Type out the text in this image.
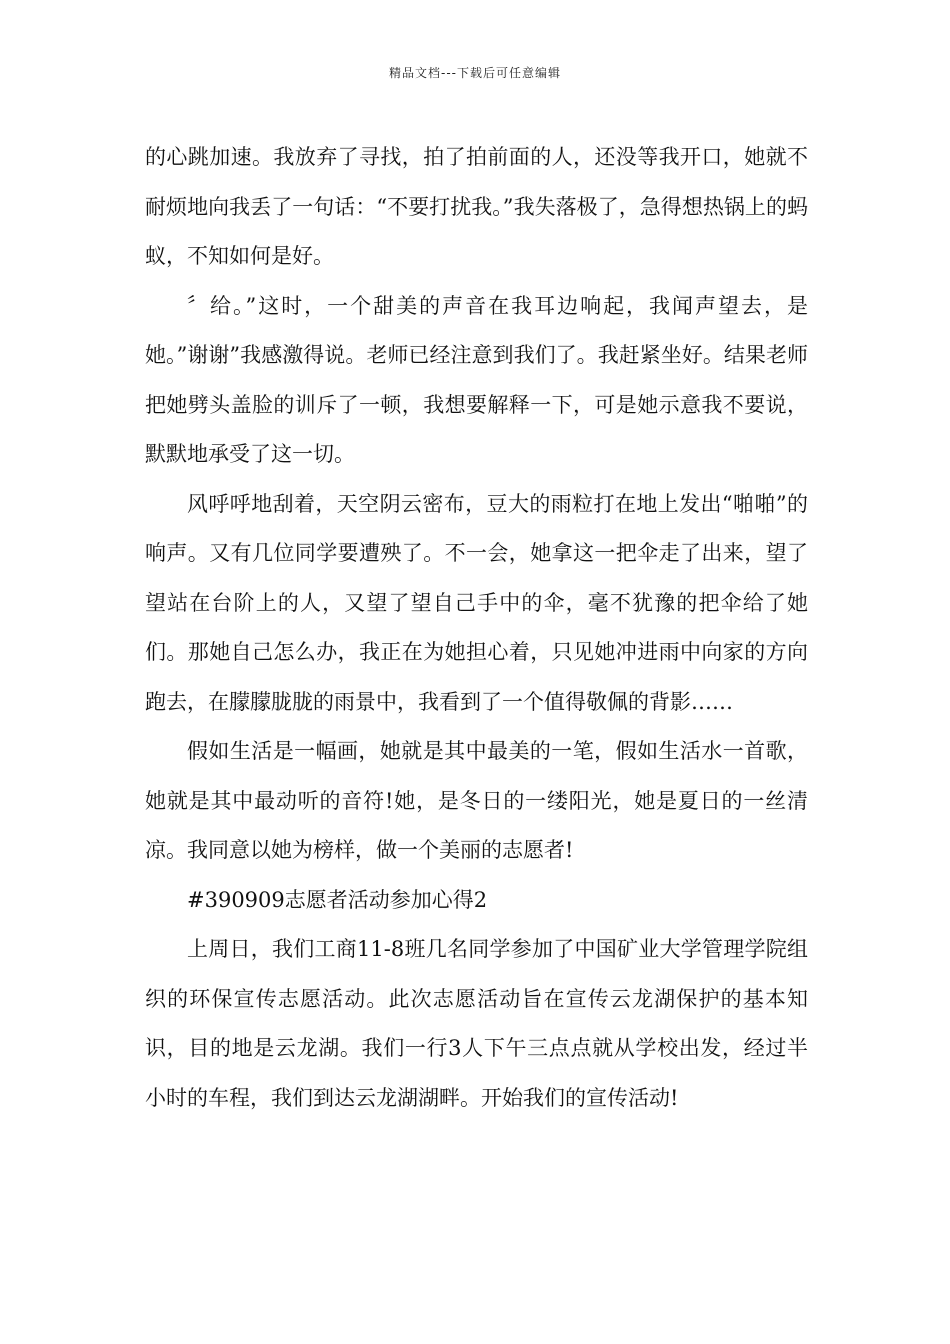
精品文档---下载后可任意编辑

的心跳加速。我放弃了寻找，拍了拍前面的人，还没等我开口，她就不耐烦地向我丢了一句话：“不要打扰我。”我失落极了，急得想热锅上的蚂蚁，不知如何是好。

〞给。”这时，一个甜美的声音在我耳边响起，我闻声望去，是她。”谢谢”我感激得说。老师已经注意到我们了。我赶紧坐好。结果老师把她劈头盖脸的训斥了一顿，我想要解释一下，可是她示意我不要说，默默地承受了这一切。

风呼呼地刮着，天空阴云密布，豆大的雨粒打在地上发出“啪啪”的响声。又有几位同学要遭殃了。不一会，她拿这一把伞走了出来，望了望站在台阶上的人，又望了望自己手中的伞，毫不犹豫的把伞给了她们。那她自己怎么办，我正在为她担心着，只见她冲进雨中向家的方向跑去，在朦朦胧胧的雨景中，我看到了一个值得敬佩的背影……

假如生活是一幅画，她就是其中最美的一笔，假如生活水一首歌，她就是其中最动听的音符!她，是冬日的一缕阳光，她是夏日的一丝清凉。我同意以她为榜样，做一个美丽的志愿者!

#390909志愿者活动参加心得2

上周日，我们工商11-8班几名同学参加了中国矿业大学管理学院组织的环保宣传志愿活动。此次志愿活动旨在宣传云龙湖保护的基本知识，目的地是云龙湖。我们一行3人下午三点点就从学校出发，经过半小时的车程，我们到达云龙湖湖畔。开始我们的宣传活动!
